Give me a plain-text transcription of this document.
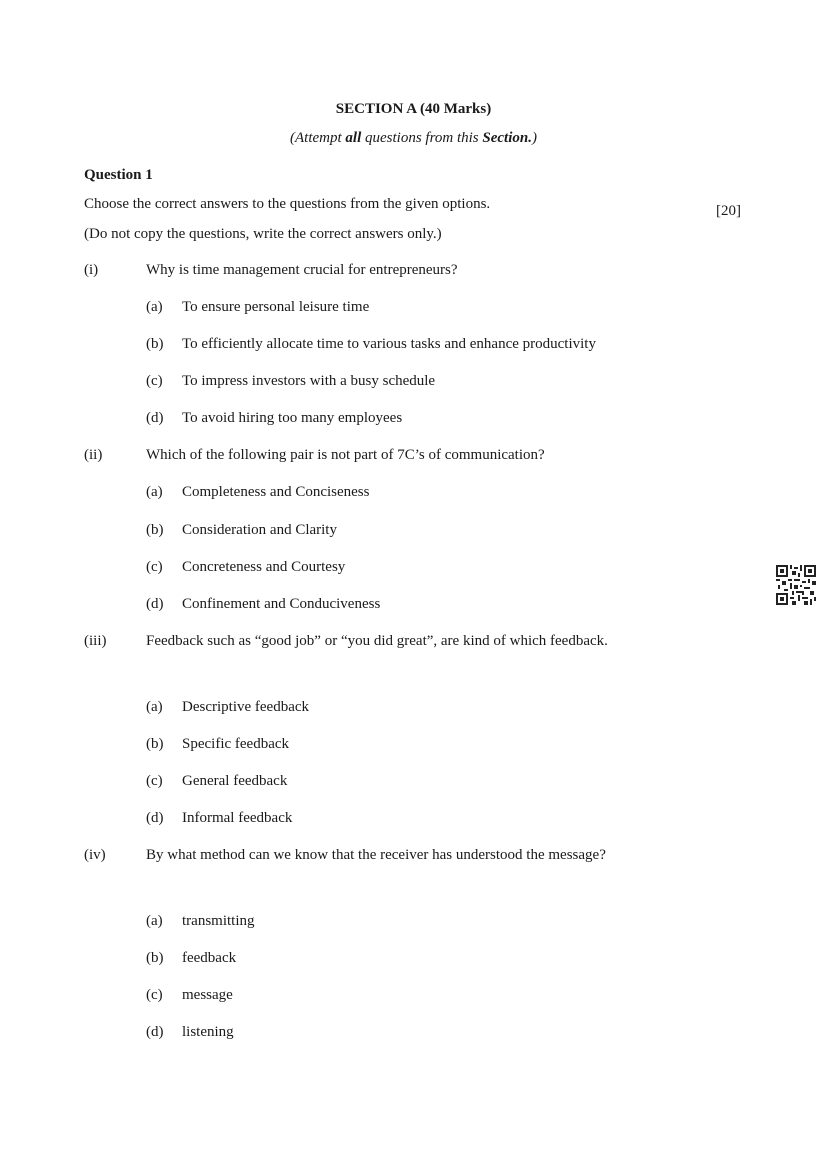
SECTION A (40 Marks)
(Attempt all questions from this Section.)
Question 1
Choose the correct answers to the questions from the given options.
(Do not copy the questions, write the correct answers only.)
[20]
(i)	Why is time management crucial for entrepreneurs?
(a) To ensure personal leisure time
(b) To efficiently allocate time to various tasks and enhance productivity
(c) To impress investors with a busy schedule
(d) To avoid hiring too many employees
(ii)	Which of the following pair is not part of 7C’s of communication?
(a) Completeness and Conciseness
(b) Consideration and Clarity
(c) Concreteness and Courtesy
(d) Confinement and Conduciveness
(iii)	Feedback such as “good job” or “you did great”, are kind of which feedback.
(a) Descriptive feedback
(b) Specific feedback
(c) General feedback
(d) Informal feedback
(iv)	By what method can we know that the receiver has understood the message?
(a) transmitting
(b) feedback
(c) message
(d) listening
